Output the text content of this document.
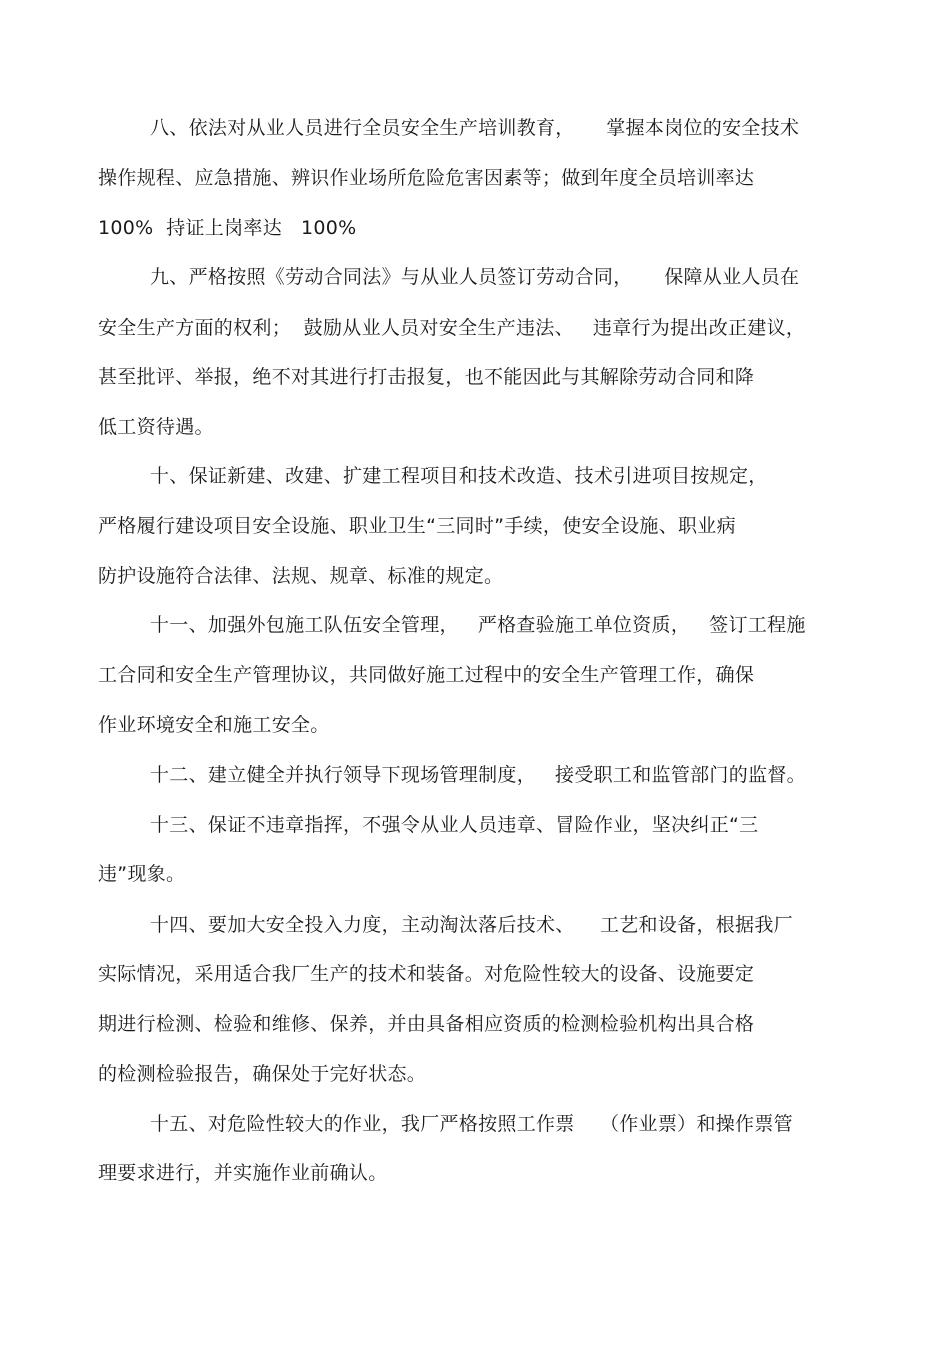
八、依法对从业人员进行全员安全生产培训教育，     掌握本岗位的安全技术
操作规程、应急措施、辨识作业场所危险危害因素等；做到年度全员培训率达
100%  持证上岗率达   100%
九、严格按照《劳动合同法》与从业人员签订劳动合同，     保障从业人员在
安全生产方面的权利；  鼓励从业人员对安全生产违法、   违章行为提出改正建议，
甚至批评、举报，绝不对其进行打击报复，也不能因此与其解除劳动合同和降
低工资待遇。
十、保证新建、改建、扩建工程项目和技术改造、技术引进项目按规定，
严格履行建设项目安全设施、职业卫生“三同时”手续，使安全设施、职业病
防护设施符合法律、法规、规章、标准的规定。
十一、加强外包施工队伍安全管理，   严格查验施工单位资质，   签订工程施
工合同和安全生产管理协议，共同做好施工过程中的安全生产管理工作，确保
作业环境安全和施工安全。
十二、建立健全并执行领导下现场管理制度，   接受职工和监管部门的监督。
十三、保证不违章指挥，不强令从业人员违章、冒险作业，坚决纠正“三
违”现象。
十四、要加大安全投入力度，主动淘汰落后技术、    工艺和设备，根据我厂
实际情况，采用适合我厂生产的技术和装备。对危险性较大的设备、设施要定
期进行检测、检验和维修、保养，并由具备相应资质的检测检验机构出具合格
的检测检验报告，确保处于完好状态。
十五、对危险性较大的作业，我厂严格按照工作票    （作业票）和操作票管
理要求进行，并实施作业前确认。
